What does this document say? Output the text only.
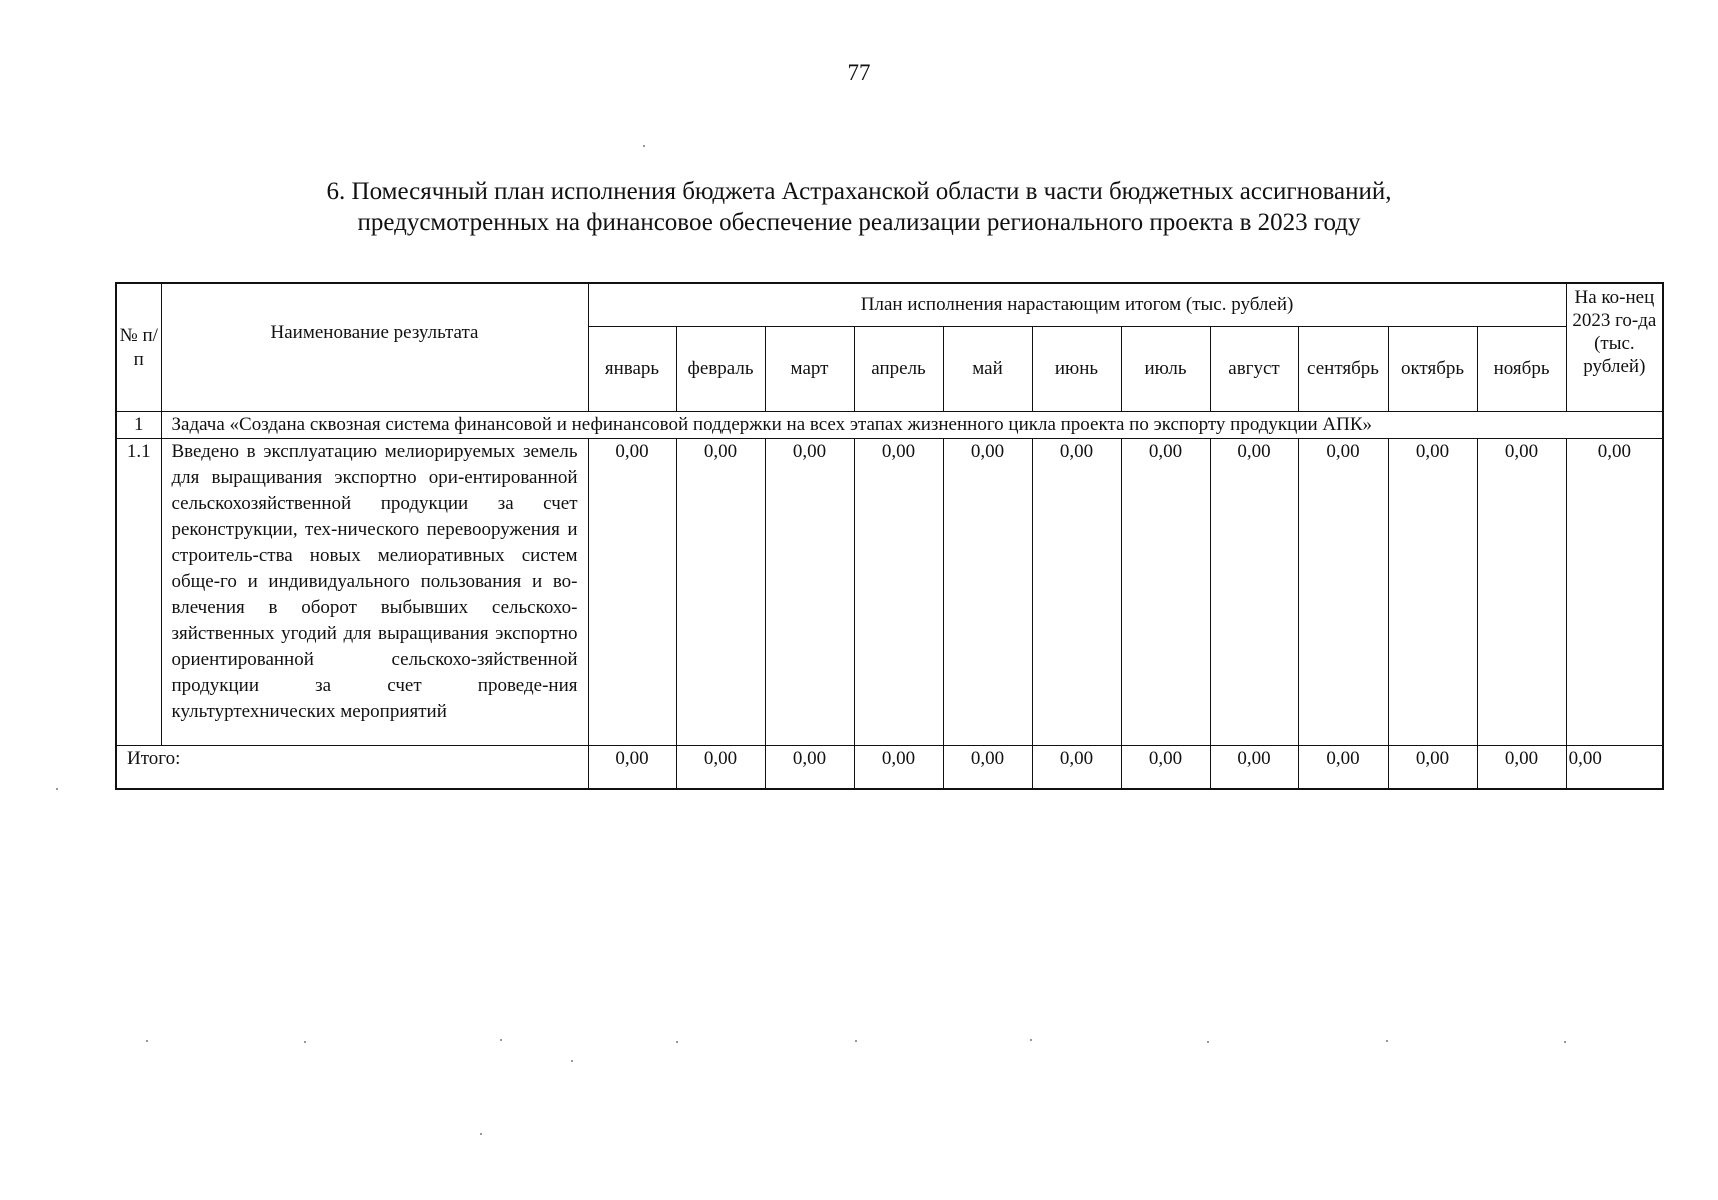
77
6. Помесячный план исполнения бюджета Астраханской области в части бюджетных ассигнований,
предусмотренных на финансовое обеспечение реализации регионального проекта в 2023 году
№ п/п	Наименование результата	План исполнения нарастающим итогом (тыс. рублей)											На ко-нец 2023 го-да (тыс. рублей)
		январь	февраль	март	апрель	май	июнь	июль	август	сентябрь	октябрь	ноябрь	
1	Задача «Создана сквозная система финансовой и нефинансовой поддержки на всех этапах жизненного цикла проекта по экспорту продукции АПК»												
1.1	Введено в эксплуатацию мелиорируемых земель для выращивания экспортно ори-ентированной сельскохозяйственной продукции за счет реконструкции, тех-нического перевооружения и строитель-ства новых мелиоративных систем обще-го и индивидуального пользования и во-влечения в оборот выбывших сельскохо-зяйственных угодий для выращивания экспортно ориентированной сельскохо-зяйственной продукции за счет проведе-ния культуртехнических мероприятий	0,00	0,00	0,00	0,00	0,00	0,00	0,00	0,00	0,00	0,00	0,00	0,00
Итого:		0,00	0,00	0,00	0,00	0,00	0,00	0,00	0,00	0,00	0,00	0,00	0,00
